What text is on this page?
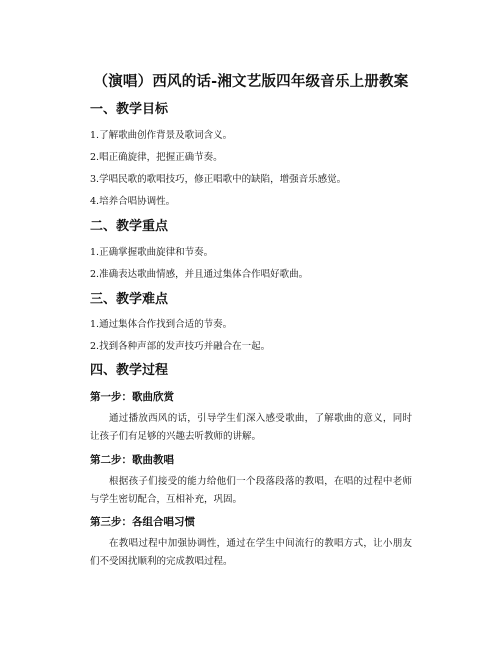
（演唱）西风的话-湘文艺版四年级音乐上册教案
一、教学目标
1.了解歌曲创作背景及歌词含义。
2.唱正确旋律，把握正确节奏。
3.学唱民歌的歌唱技巧，修正唱歌中的缺陷，增强音乐感觉。
4.培养合唱协调性。
二、教学重点
1.正确掌握歌曲旋律和节奏。
2.准确表达歌曲情感，并且通过集体合作唱好歌曲。
三、教学难点
1.通过集体合作找到合适的节奏。
2.找到各种声部的发声技巧并融合在一起。
四、教学过程
第一步：歌曲欣赏
通过播放西风的话，引导学生们深入感受歌曲，了解歌曲的意义，同时让孩子们有足够的兴趣去听教师的讲解。
第二步：歌曲教唱
根据孩子们接受的能力给他们一个段落段落的教唱，在唱的过程中老师与学生密切配合，互相补充，巩固。
第三步：各组合唱习惯
在教唱过程中加强协调性，通过在学生中间流行的教唱方式，让小朋友们不受困扰顺利的完成教唱过程。
